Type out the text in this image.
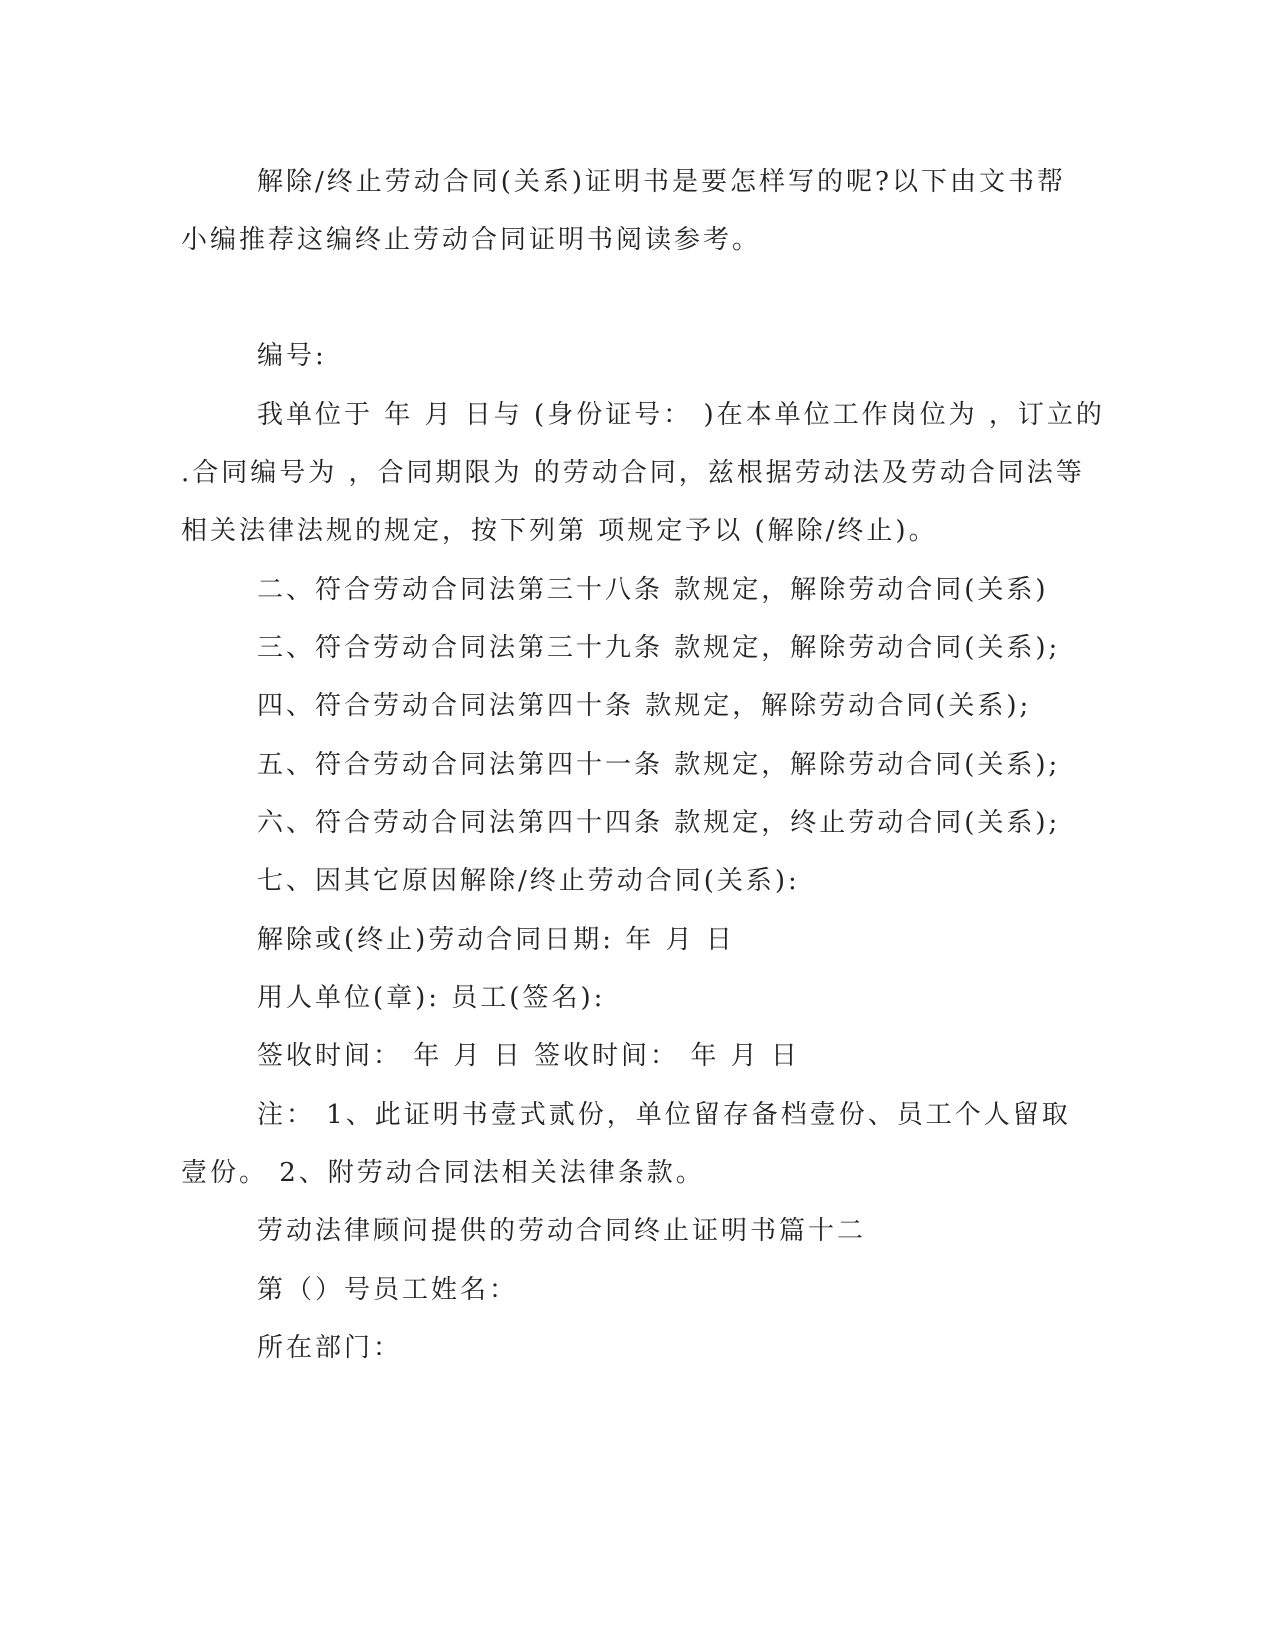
解除/终止劳动合同(关系)证明书是要怎样写的呢?以下由文书帮
小编推荐这编终止劳动合同证明书阅读参考。
编号:
我单位于 年 月 日与 (身份证号： )在本单位工作岗位为 ，订立的
.合同编号为 ，合同期限为 的劳动合同，兹根据劳动法及劳动合同法等
相关法律法规的规定，按下列第 项规定予以 (解除/终止)。
二、符合劳动合同法第三十八条 款规定，解除劳动合同(关系)
三、符合劳动合同法第三十九条 款规定，解除劳动合同(关系);
四、符合劳动合同法第四十条 款规定，解除劳动合同(关系);
五、符合劳动合同法第四十一条 款规定，解除劳动合同(关系);
六、符合劳动合同法第四十四条 款规定，终止劳动合同(关系);
七、因其它原因解除/终止劳动合同(关系):
解除或(终止)劳动合同日期: 年 月 日
用人单位(章): 员工(签名):
签收时间： 年 月 日 签收时间： 年 月 日
注： 1、此证明书壹式贰份，单位留存备档壹份、员工个人留取
壹份。 2、附劳动合同法相关法律条款。
劳动法律顾问提供的劳动合同终止证明书篇十二
第（）号员工姓名：
所在部门：
